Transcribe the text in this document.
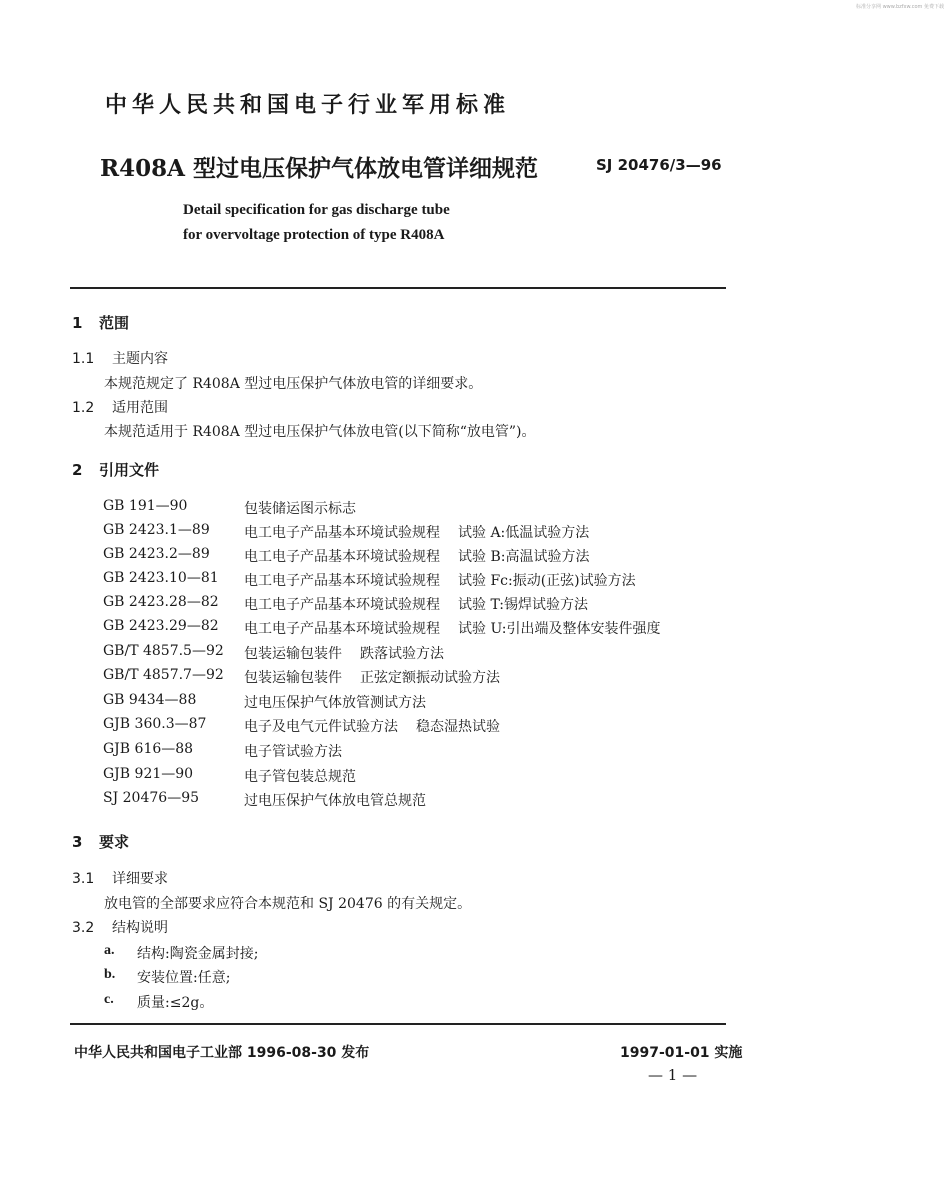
标准分享网 www.bzfxw.com 免费下载
中华人民共和国电子行业军用标准
R408A 型过电压保护气体放电管详细规范	SJ 20476/3—96
Detail specification for gas discharge tube
for overvoltage protection of type R408A
1 范围
1.1 主题内容
本规范规定了 R408A 型过电压保护气体放电管的详细要求。
1.2 适用范围
本规范适用于 R408A 型过电压保护气体放电管(以下简称“放电管”)。
2 引用文件
GB 191—90	包装储运图示标志
GB 2423.1—89 电工电子产品基本环境试验规程 试验 A:低温试验方法
GB 2423.2—89 电工电子产品基本环境试验规程 试验 B:高温试验方法
GB 2423.10—81 电工电子产品基本环境试验规程 试验 Fc:振动(正弦)试验方法
GB 2423.28—82 电工电子产品基本环境试验规程 试验 T:锡焊试验方法
GB 2423.29—82 电工电子产品基本环境试验规程 试验 U:引出端及整体安装件强度
GB/T 4857.5—92 包装运输包装件 跌落试验方法
GB/T 4857.7—92 包装运输包装件 正弦定额振动试验方法
GB 9434—88	过电压保护气体放管测试方法
GJB 360.3—87	电子及电气元件试验方法 稳态湿热试验
GJB 616—88	电子管试验方法
GJB 921—90	电子管包装总规范
SJ 20476—95	过电压保护气体放电管总规范
3 要求
3.1 详细要求
放电管的全部要求应符合本规范和 SJ 20476 的有关规定。
3.2 结构说明
a. 结构:陶瓷金属封接;
b. 安装位置:任意;
c. 质量:≤2g。
中华人民共和国电子工业部 1996-08-30 发布	1997-01-01 实施
— 1 —
